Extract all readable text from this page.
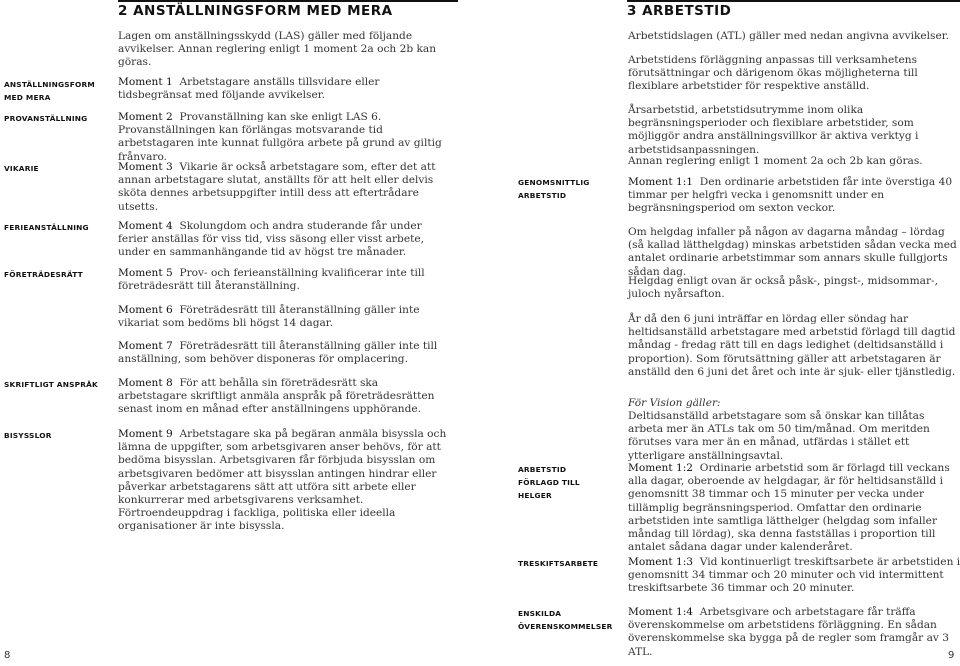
2 ANSTÄLLNINGSFORM MED MERA
ANSTÄLLNINGSFORM MED MERA
PROVANSTÄLLNING
VIKARIE
FERIEANSTÄLLNING
FÖRETRÄDESRÄTT
SKRIFTLIGT ANSPRÅK
BISYSSLOR
Lagen om anställningsskydd (LAS) gäller med följande avvikelser. Annan reglering enligt 1 moment 2a och 2b kan göras.
Moment 1 Arbetstagare anställs tillsvidare eller tidsbegränsat med följande avvikelser.
Moment 2 Provanställning kan ske enligt LAS 6. Provanställningen kan förlängas motsvarande tid arbetstagaren inte kunnat fullgöra arbete på grund av giltig frånvaro.
Moment 3 Vikarie är också arbetstagare som, efter det att annan arbetstagare slutat, anställts för att helt eller delvis sköta dennes arbetsuppgifter intill dess att eftertrådare utsetts.
Moment 4 Skolungdom och andra studerande får under ferier anställas för viss tid, viss säsong eller visst arbete, under en sammanhängande tid av högst tre månader.
Moment 5 Prov- och ferieanställning kvalificerar inte till företrädesrätt till återanställning.
Moment 6 Företrädesrätt till återanställning gäller inte vikariat som bedöms bli högst 14 dagar.
Moment 7 Företrädesrätt till återanställning gäller inte till anställning, som behöver disponeras för omplacering.
Moment 8 För att behålla sin företrädesrätt ska arbetstagare skriftligt anmäla anspråk på företrädesrätten senast inom en månad efter anställningens upphörande.
Moment 9 Arbetstagare ska på begäran anmäla bisyssla och lämna de uppgifter, som arbetsgivaren anser behövs, för att bedöma bisysslan. Arbetsgivaren får förbjuda bisysslan om arbetsgivaren bedömer att bisysslan antingen hindrar eller påverkar arbetstagarens sätt att utföra sitt arbete eller konkurrerar med arbetsgivarens verksamhet. Förtroendeuppdrag i fackliga, politiska eller ideella organisationer är inte bisyssla.
8
3 ARBETSTID
GENOMSNITTLIG ARBETSTID
ARBETSTID FÖRLAGD TILL HELGER
TRESKIFTSARBETE
ENSKILDA ÖVERENSKOMMELSER
Arbetstidslagen (ATL) gäller med nedan angivna avvikelser.
Arbetstidens förläggning anpassas till verksamhetens förutsättningar och därigenom ökas möjligheterna till flexiblare arbetstider för respektive anställd.
Årsarbetstid, arbetstidsutrymme inom olika begränsningsperioder och flexiblare arbetstider, som möjliggör andra anställningsvillkor är aktiva verktyg i arbetstidsanpassningen.
Annan reglering enligt 1 moment 2a och 2b kan göras.
Moment 1:1 Den ordinarie arbetstiden får inte överstiga 40 timmar per helgfri vecka i genomsnitt under en begränsningsperiod om sexton veckor.
Om helgdag infaller på någon av dagarna måndag – lördag (så kallad lätthelgdag) minskas arbetstiden sådan vecka med antalet ordinarie arbetstimmar som annars skulle fullgjorts sådan dag.
Helgdag enligt ovan är också påsk-, pingst-, midsommar-, juloch nyårsafton.
År då den 6 juni inträffar en lördag eller söndag har heltidsanställd arbetstagare med arbetstid förlagd till dagtid måndag - fredag rätt till en dags ledighet (deltidsanställd i proportion). Som förutsättning gäller att arbetstagaren är anställd den 6 juni det året och inte är sjuk- eller tjänstledig.
För Vision gäller:
Deltidsanställd arbetstagare som så önskar kan tillåtas arbeta mer än ATLs tak om 50 tim/månad. Om meritden förutses vara mer än en månad, utfärdas i stället ett ytterligare anställningsavtal.
Moment 1:2 Ordinarie arbetstid som är förlagd till veckans alla dagar, oberoende av helgdagar, är för heltidsanställd i genomsnitt 38 timmar och 15 minuter per vecka under tillämplig begränsningsperiod. Omfattar den ordinarie arbetstiden inte samtliga lätthelger (helgdag som infaller måndag till lördag), ska denna fastställas i proportion till antalet sådana dagar under kalenderåret.
Moment 1:3 Vid kontinuerligt treskiftsarbete är arbetstiden i genomsnitt 34 timmar och 20 minuter och vid intermittent treskiftsarbete 36 timmar och 20 minuter.
Moment 1:4 Arbetsgivare och arbetstagare får träffa överenskommelse om arbetstidens förläggning. En sådan överenskommelse ska bygga på de regler som framgår av 3 ATL.	9
